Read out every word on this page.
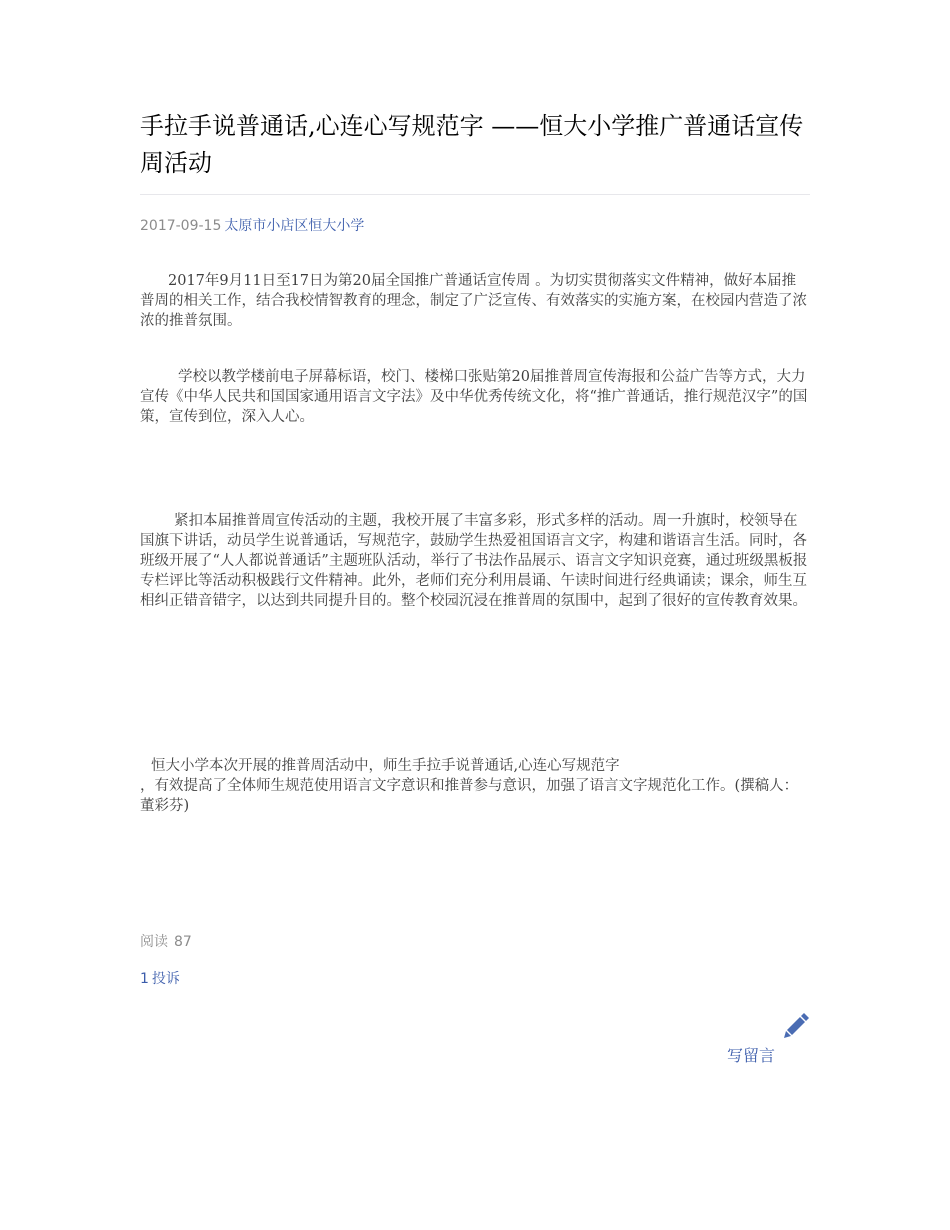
手拉手说普通话,心连心写规范字 ——恒大小学推广普通话宣传周活动
2017-09-15 太原市小店区恒大小学

2017年9月11日至17日为第20届全国推广普通话宣传周 。为切实贯彻落实文件精神，做好本届推普周的相关工作，结合我校情智教育的理念，制定了广泛宣传、有效落实的实施方案，在校园内营造了浓浓的推普氛围。

学校以教学楼前电子屏幕标语，校门、楼梯口张贴第20届推普周宣传海报和公益广告等方式，大力宣传《中华人民共和国国家通用语言文字法》及中华优秀传统文化，将“推广普通话，推行规范汉字”的国策，宣传到位，深入人心。

紧扣本届推普周宣传活动的主题，我校开展了丰富多彩，形式多样的活动。周一升旗时，校领导在国旗下讲话，动员学生说普通话，写规范字，鼓励学生热爱祖国语言文字，构建和谐语言生活。同时，各班级开展了“人人都说普通话”主题班队活动，举行了书法作品展示、语言文字知识竞赛，通过班级黑板报专栏评比等活动积极践行文件精神。此外，老师们充分利用晨诵、午读时间进行经典诵读；课余，师生互相纠正错音错字，以达到共同提升目的。整个校园沉浸在推普周的氛围中，起到了很好的宣传教育效果。

恒大小学本次开展的推普周活动中，师生手拉手说普通话,心连心写规范字
，有效提高了全体师生规范使用语言文字意识和推普参与意识，加强了语言文字规范化工作。(撰稿人：董彩芬)

阅读 87
1 投诉
写留言
